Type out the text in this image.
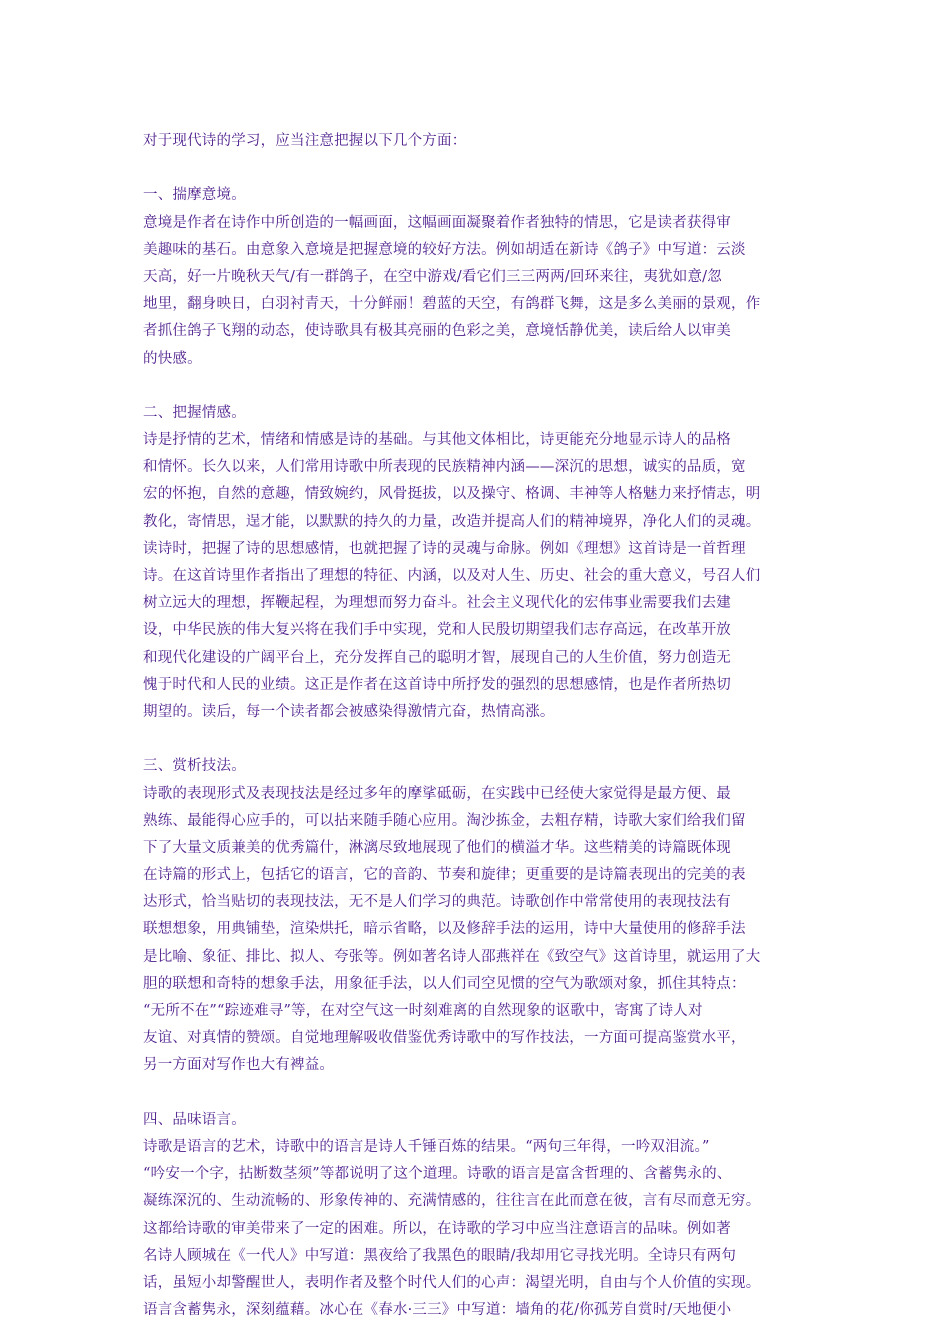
对于现代诗的学习，应当注意把握以下几个方面：
一、揣摩意境。
意境是作者在诗作中所创造的一幅画面，这幅画面凝聚着作者独特的情思，它是读者获得审
美趣味的基石。由意象入意境是把握意境的较好方法。例如胡适在新诗《鸽子》中写道：云淡
天高，好一片晚秋天气/有一群鸽子，在空中游戏/看它们三三两两/回环来往，夷犹如意/忽
地里，翻身映日，白羽衬青天，十分鲜丽！碧蓝的天空，有鸽群飞舞，这是多么美丽的景观，作
者抓住鸽子飞翔的动态，使诗歌具有极其亮丽的色彩之美，意境恬静优美，读后给人以审美
的快感。
二、把握情感。
诗是抒情的艺术，情绪和情感是诗的基础。与其他文体相比，诗更能充分地显示诗人的品格
和情怀。长久以来，人们常用诗歌中所表现的民族精神内涵——深沉的思想，诚实的品质，宽
宏的怀抱，自然的意趣，情致婉约，风骨挺拔，以及操守、格调、丰神等人格魅力来抒情志，明
教化，寄情思，逞才能，以默默的持久的力量，改造并提高人们的精神境界，净化人们的灵魂。
读诗时，把握了诗的思想感情，也就把握了诗的灵魂与命脉。例如《理想》这首诗是一首哲理
诗。在这首诗里作者指出了理想的特征、内涵，以及对人生、历史、社会的重大意义，号召人们
树立远大的理想，挥鞭起程，为理想而努力奋斗。社会主义现代化的宏伟事业需要我们去建
设，中华民族的伟大复兴将在我们手中实现，党和人民殷切期望我们志存高远，在改革开放
和现代化建设的广阔平台上，充分发挥自己的聪明才智，展现自己的人生价值，努力创造无
愧于时代和人民的业绩。这正是作者在这首诗中所抒发的强烈的思想感情，也是作者所热切
期望的。读后，每一个读者都会被感染得激情亢奋，热情高涨。
三、赏析技法。
诗歌的表现形式及表现技法是经过多年的摩挲砥砺，在实践中已经使大家觉得是最方便、最
熟练、最能得心应手的，可以拈来随手随心应用。淘沙拣金，去粗存精，诗歌大家们给我们留
下了大量文质兼美的优秀篇什，淋漓尽致地展现了他们的横溢才华。这些精美的诗篇既体现
在诗篇的形式上，包括它的语言，它的音韵、节奏和旋律；更重要的是诗篇表现出的完美的表
达形式，恰当贴切的表现技法，无不是人们学习的典范。诗歌创作中常常使用的表现技法有
联想想象，用典铺垫，渲染烘托，暗示省略，以及修辞手法的运用，诗中大量使用的修辞手法
是比喻、象征、排比、拟人、夸张等。例如著名诗人邵燕祥在《致空气》这首诗里，就运用了大
胆的联想和奇特的想象手法，用象征手法，以人们司空见惯的空气为歌颂对象，抓住其特点：
“无所不在”“踪迹难寻”等，在对空气这一时刻难离的自然现象的讴歌中，寄寓了诗人对
友谊、对真情的赞颂。自觉地理解吸收借鉴优秀诗歌中的写作技法，一方面可提高鉴赏水平，
另一方面对写作也大有裨益。
四、品味语言。
诗歌是语言的艺术，诗歌中的语言是诗人千锤百炼的结果。“两句三年得，一吟双泪流。”
“吟安一个字，拈断数茎须”等都说明了这个道理。诗歌的语言是富含哲理的、含蓄隽永的、
凝练深沉的、生动流畅的、形象传神的、充满情感的，往往言在此而意在彼，言有尽而意无穷。
这都给诗歌的审美带来了一定的困难。所以，在诗歌的学习中应当注意语言的品味。例如著
名诗人顾城在《一代人》中写道：黑夜给了我黑色的眼睛/我却用它寻找光明。全诗只有两句
话，虽短小却警醒世人，表明作者及整个时代人们的心声：渴望光明，自由与个人价值的实现。
语言含蓄隽永，深刻蕴藉。冰心在《春水·三三》中写道：墙角的花/你孤芳自赏时/天地便小
